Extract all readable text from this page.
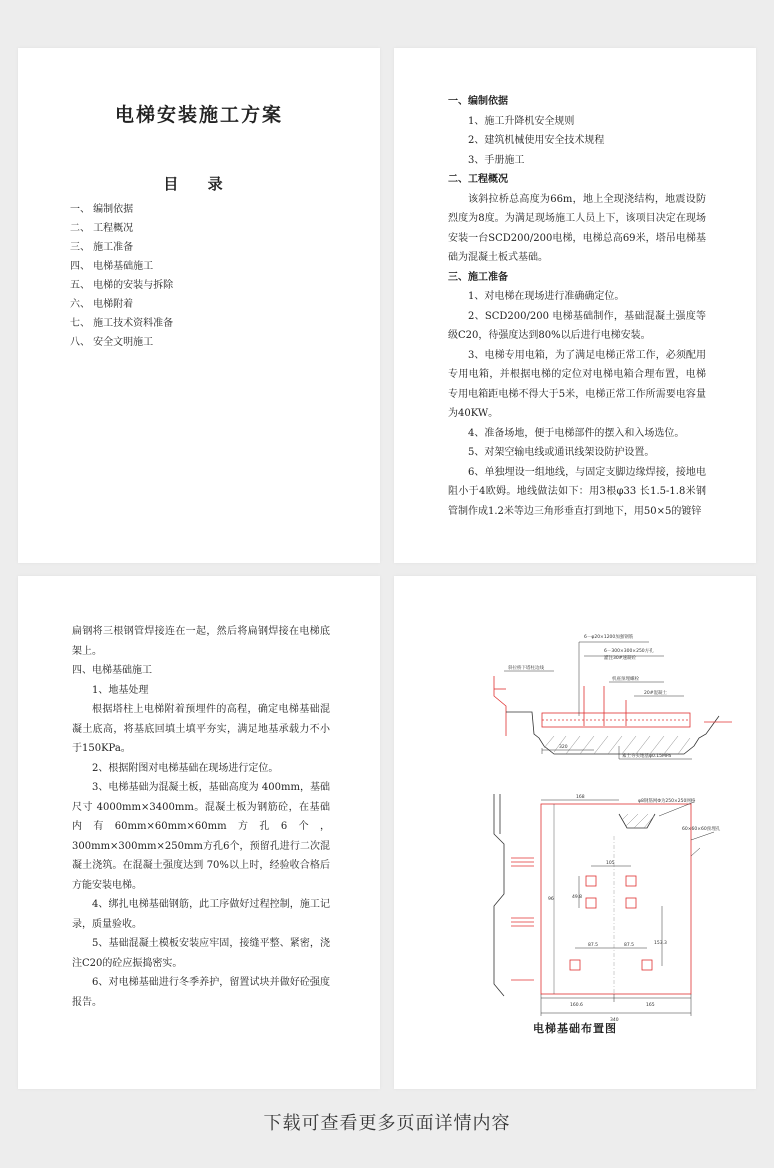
电梯安装施工方案
目 录
一、 编制依据
二、 工程概况
三、 施工准备
四、 电梯基础施工
五、 电梯的安装与拆除
六、 电梯附着
七、 施工技术资料准备
八、 安全文明施工

一、编制依据

1、施工升降机安全规则

2、建筑机械使用安全技术规程

3、手册施工

二、工程概况

该斜拉桥总高度为66m，地上全现浇结构，地震设防烈度为8度。为满足现场施工人员上下，该项目决定在现场安装一台SCD200/200电梯，电梯总高69米，塔吊电梯基础为混凝土板式基础。

三、施工准备

1、对电梯在现场进行准确确定位。

2、SCD200/200 电梯基础制作，基础混凝土强度等级C20，待强度达到80%以后进行电梯安装。

3、电梯专用电箱，为了满足电梯正常工作，必须配用专用电箱，并根据电梯的定位对电梯电箱合理布置，电梯专用电箱距电梯不得大于5米，电梯正常工作所需要电容量为40KW。

4、准备场地，便于电梯部件的摆入和入场选位。

5、对架空输电线或通讯线架设防护设置。

6、单独埋设一组地线，与固定支脚边缘焊接，接地电阻小于4欧姆。地线做法如下：用3根φ33 长1.5-1.8米钢管制作成1.2米等边三角形垂直打到地下，用50×5的镀锌

扁钢将三根钢管焊接连在一起，然后将扁钢焊接在电梯底架上。

四、电梯基础施工

1、地基处理

根据塔柱上电梯附着预埋件的高程，确定电梯基础混凝土底高，将基底回填土填平夯实，满足地基承载力不小于150KPa。

2、根据附图对电梯基础在现场进行定位。

3、电梯基础为混凝土板，基础高度为 400mm，基础尺寸 4000mm×3400mm。混凝土板为钢筋砼，在基础内有60mm×60mm×60mm方孔6个，300mm×300mm×250mm方孔6个，预留孔进行二次混凝土浇筑。在混凝土强度达到 70%以上时，经验收合格后方能安装电梯。

4、绑扎电梯基础钢筋，此工序做好过程控制，施工记录，质量验收。

5、基础混凝土模板安装应牢固，接缝平整、紧密，浇注C20的砼应振捣密实。

6、对电梯基础进行冬季养护，留置试块并做好砼强度报告。

6－φ20×1200加强钢筋
6－300×300×250方孔
灌注30#速凝砼
斜拉桥下塔柱边线
机座预埋螺栓
20#混凝土
素土夯实地基φ0.15MPa
320
φ8钢筋网Φ为250×250网格
60×60×60预埋孔
168
105
49.8
96
87.5	87.5	153.3
160.6	165
340
电梯基础布置图
下载可查看更多页面详情内容
